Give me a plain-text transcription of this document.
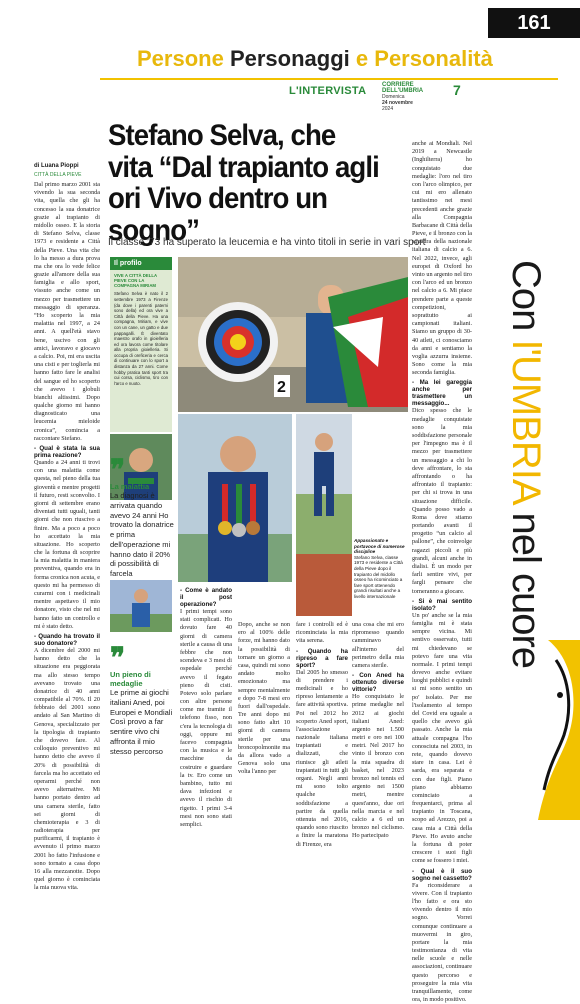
161
Persone Personaggi e Personalità
L'INTERVISTA	CORRIERE DELL'UMBRIA
Domenica
24 novembre
2024
7
Stefano Selva, che vita “Dal trapianto agli ori Vivo dentro un sogno”
Il classe ’73 ha superato la leucemia e ha vinto titoli in serie in vari sport
di Luana Pioppi
CITTÀ DELLA PIEVE

Dal primo marzo 2001 sta vivendo la sua seconda vita, quella che gli ha concesso la sua donatrice grazie al trapianto di midollo osseo. E la storia di Stefano Selva, classe 1973 e residente a Città della Pieve. Una vita che lo ha messo a dura prova ma che ora lo vede felice grazie all'amore della sua famiglia e allo sport, vissuto anche come un mezzo per trasmettere un messaggio di speranza. “Ho scoperto la mia malattia nel 1997, a 24 anni. A quell'età stavo bene, uscivo con gli amici, lavoravo e giocavo a calcio. Poi, mi era uscita una cisti e per toglierla mi hanno fatto fare le analisi del sangue ed ho scoperto che avevo i globuli bianchi altissimi. Dopo qualche giorno mi hanno diagnosticato una leucemia mieloide cronica”, comincia a raccontare Stefano.

- Qual è stata la sua prima reazione?

Quando a 24 anni ti trovi con una malattia come questa, nel pieno della tua gioventù e mentre progetti il futuro, resti sconvolto. I giorni di settembre erano diventati tutti uguali, tanti giorni che non riuscivo a finire. Ma a poco a poco ho accettato la mia situazione. Ho scoperto che la fortuna di scoprire la mia malattia in maniera preventiva, quando era in forma cronica non acuta, e questo mi ha permesso di curarmi con i medicinali mentre aspettavo il mio donatore, visto che nel mi hanno fatto un controllo e mi è stato detto.

- Quando ha trovato il suo donatore?

A dicembre del 2000 mi hanno detto che la situazione era peggiorata ma allo stesso tempo avevano trovato una donatrice di 40 anni compatibile al 70%. Il 20 febbraio del 2001 sono andato al San Martino di Genova, specializzato per la tipologia di trapianto che dovevo fare. Al colloquio preventivo mi hanno detto che avevo il 20% di possibilità di farcela ma ho accettato ed operarmi perché non avevo alternative. Mi hanno portato dentro ad una camera sterile, fatto sei giorni di chemioterapia e 3 di radioterapia per purificarmi, il trapianto è avvenuto il primo marzo 2001 ho fatto l'infusione e sono tornato a casa dopo 16 alla mezzanotte. Dopo quel giorno è cominciata la mia nuova vita.

Il profilo
VIVE A CITTÀ DELLA PIEVE CON LA COMPAGNA MIRIAM
Stefano Selva è nato il 2 settembre 1973 a Firenze (da dove i parenti paterni sono della) ed ora vive a Città della Pieve. Ha una compagna, Miriam, e vive con un cane, un gatto e due pappagalli. È diventato maestro orafo in gioielleria ed ora lavora come titolare alla propria gioielleria. Si occupa di oreficeria e cerca di continuare con lo sport a distanza da 27 anni. Come hobby pratica tanti sport tra cui corsa, ciclismo, tiro con l'arco e nuoto.	2
❞
La malattia
La diagnosi è arrivata quando avevo 24 anni Ho trovato la donatrice e prima dell'operazione mi hanno dato il 20% di possibilità di farcela
Appassionato e portavoce di numerose discipline
Stefano Selva, classe 1973 e residente a Città della Pieve dopo il trapianto del midollo osseo ha ricominciato a fare sport ottenendo grandi risultati anche a livello internazionale
❞
Un pieno di medaglie
Le prime ai giochi italiani Aned, poi Europei e Mondiali Così provo a far sentire vivo chi affronta il mio stesso percorso
- Come è andato il post operazione?

I primi tempi sono stati complicati. Ho dovuto fare 40 giorni di camera sterile a causa di una febbre che non scendeva e 3 mesi di ospedale perché avevo il fegato pieno di cisti. Potevo solo parlare con altre persone come me tramite il telefono fisso, non c'era la tecnologia di oggi, oppure mi facevo compagnia con la musica e le macchine da costruire e guardare la tv. Ero come un bambino, tutto mi dava infezioni e avevo il rischio di rigetto. I primi 3-4 mesi non sono stati semplici.

Dopo, anche se non ero al 100% delle forze, mi hanno dato la possibilità di tornare un giorno a casa, quindi mi sono andato molto emozionato ma sempre mentalmente e dopo 7-8 mesi ero fuori dall'ospedale. Tre anni dopo mi sono fatto altri 10 giorni di camera sterile per una broncopolmonite ma da allora vado a Genova solo una volta l'anno per

fare i controlli ed è ricominciata la mia vita serena.

- Quando ha ripreso a fare sport?

Dal 2005 ho smesso di prendere i medicinali e ho ripreso lentamente a fare attività sportiva. Poi nel 2012 ho scoperto Aned sport, l'associazione nazionale italiana trapiantati e dializzati, che riunisce gli atleti trapiantati in tutti gli organi. Negli anni mi sono tolto qualche soddisfazione a partire da quella ottenuta nel 2016, quando sono riuscito a finire la maratona di Firenze, era

una cosa che mi ero ripromesso quando camminavo all'interno del perimetro della mia camera sterile.

- Con Aned ha ottenuto diverse vittorie?

Ho conquistato le prime medaglie nel 2012 ai giochi italiani Aned: argento nei 1.500 metri e oro nei 100 metri. Nel 2017 ho vinto il bronzo con la mia squadra di basket, nel 2023 bronzo nel tennis ed argento nei 1500 metri, mentre quest'anno, due ori nella marcia e nel calcio a 6 ed un bronzo nel ciclismo. Ho partecipato

anche ai Mondiali. Nel 2019 a Newcastle (Inghilterra) ho conquistato due medaglie: l'oro nel tiro con l'arco olimpico, per cui mi ero allenato tantissimo nei mesi precedenti anche grazie alla Compagnia Barbacane di Città della Pieve, e il bronzo con la squadra della nazionale italiana di calcio a 6. Nel 2022, invece, agli europei di Oxford ho vinto un argento nel tiro con l'arco ed un bronzo nel calcio a 6. Mi piace prendere parte a queste competizioni, soprattutto ai campionati italiani. Siamo un gruppo di 30-40 atleti, ci conosciamo da anni e sentiamo la voglia azzurra insieme. Sono come la mia seconda famiglia.

- Ma lei gareggia anche per trasmettere un messaggio...

Dico spesso che le medaglie conquistate sono la mia soddisfazione personale per l'impegno ma è il mezzo per trasmettere un messaggio a chi lo deve affrontare, lo sta affrontando o ha affrontato il trapianto: per chi si trova in una situazione difficile. Quando posso vado a Roma dove stiamo portando avanti il progetto “un calcio al pallone”, che coinvolge ragazzi piccoli e più grandi, alcuni anche in dialisi. È un modo per farli sentire vivi, per fargli pensare che torneranno a giocare.

- Si è mai sentito isolato?

Un po' anche se la mia famiglia mi è stata sempre vicina. Mi sentivo osservato, tutti mi chiedevano se potevo fare una vita normale. I primi tempi dovevo anche evitare luoghi pubblici e quindi si mi sono sentito un po' isolato. Per me l'isolamento al tempo del Covid era uguale a quello che avevo già passato. Anche la mia attuale compagna l'ho conosciuta nel 2003, in rete, quando dovevo stare in casa. Lei è sarda, era separata e con due figli. Piano piano abbiamo cominciato a frequentarci, prima al trapianto in Toscana, scopo ad Arezzo, poi a casa mia a Città della Pieve. Ho avuto anche la fortuna di poter crescere i suoi figli come se fossero i miei.

- Qual è il suo sogno nel cassetto?

Fa riconsiderare a vivere. Con il trapianto l'ho fatto e ora sto vivendo dentro il mio sogno. Vorrei comunque continuare a muovermi in giro, portare la mia testimonianza di vita nelle scuole e nelle associazioni, continuare questo percorso e proseguire la mia vita tranquillamente, come ora, in modo positivo.

Con l'UMBRIA nel cuore
